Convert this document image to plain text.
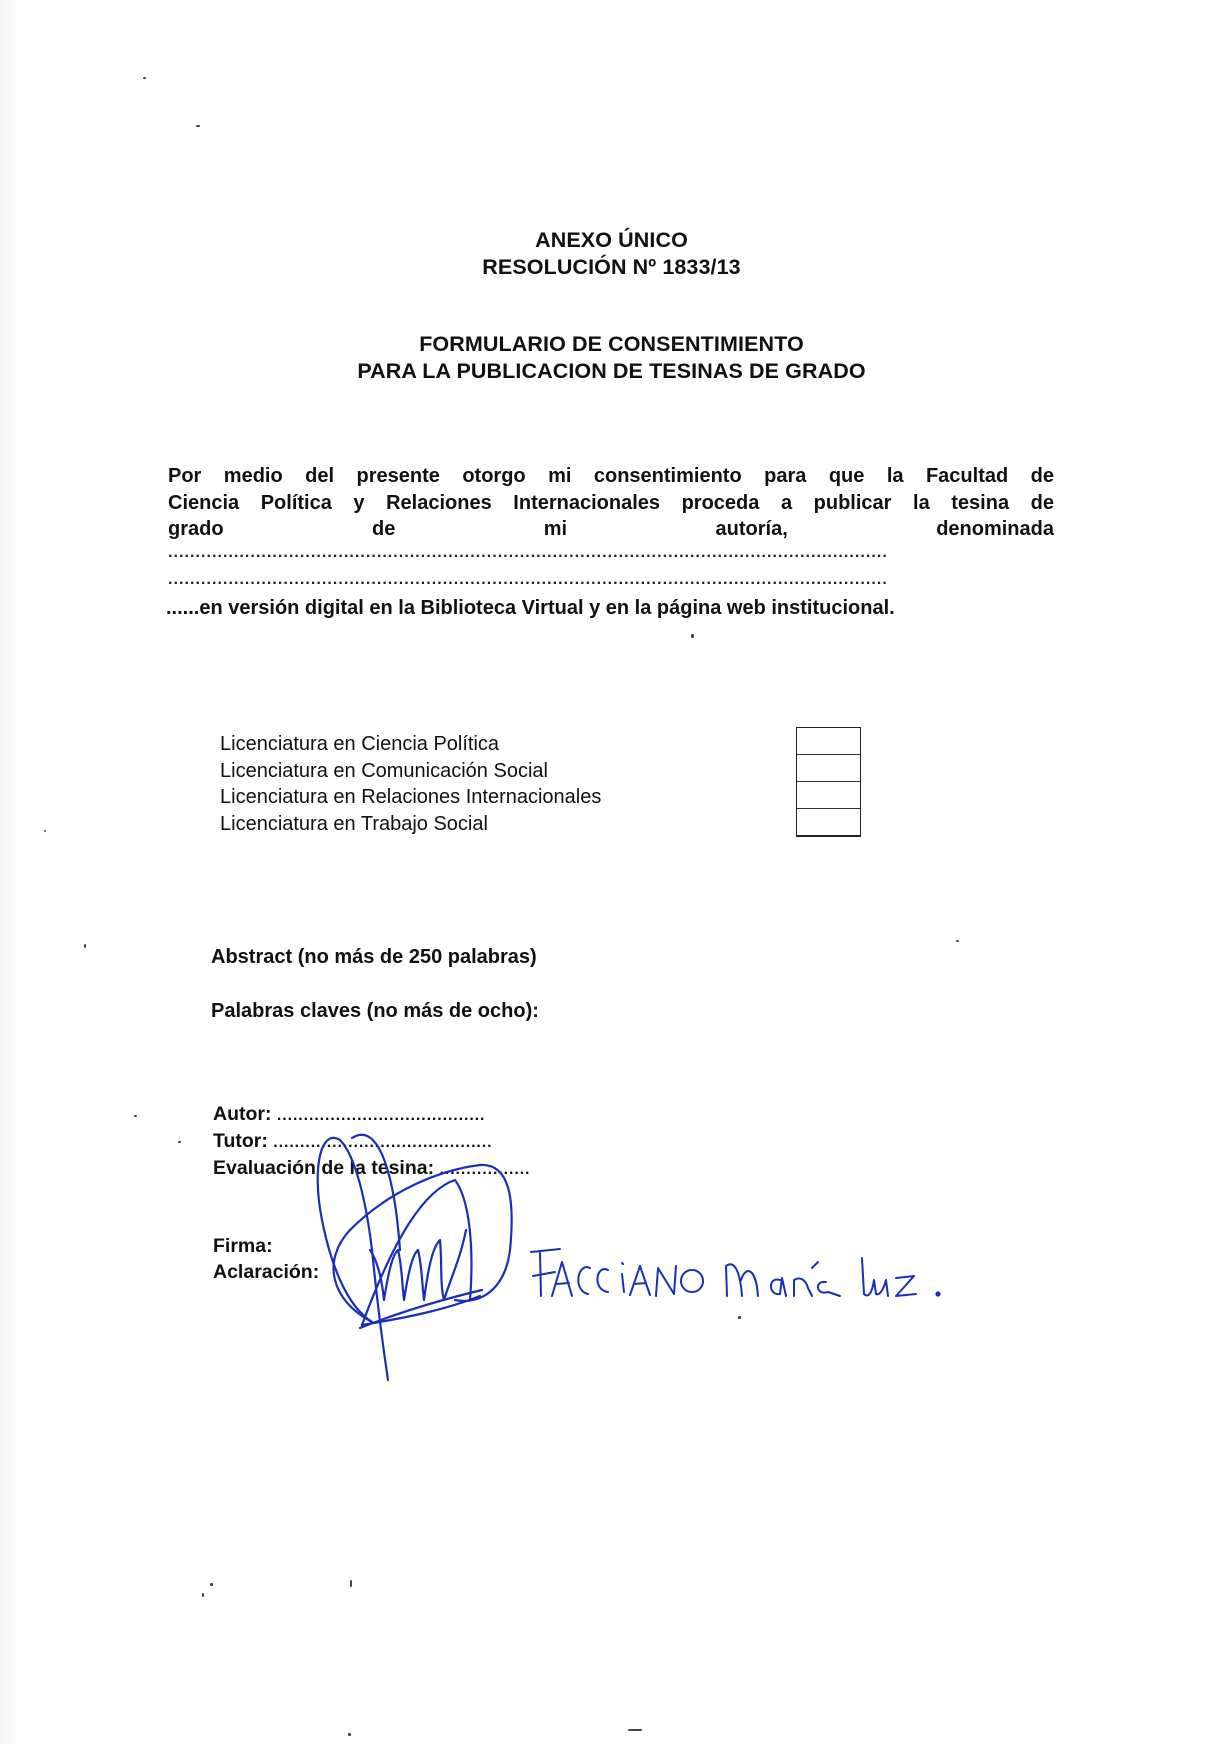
ANEXO ÚNICO
RESOLUCIÓN Nº 1833/13
FORMULARIO DE CONSENTIMIENTO
PARA LA PUBLICACION DE TESINAS DE GRADO
Por medio del presente otorgo mi consentimiento para que la Facultad de
Ciencia Política y Relaciones Internacionales proceda a publicar la tesina de
grado	de	mi	autoría,	denominada
...................................................................................................................................
...................................................................................................................................
......en versión digital en la Biblioteca Virtual y en la página web institucional.
Licenciatura en Ciencia Política
Licenciatura en Comunicación Social
Licenciatura en Relaciones Internacionales
Licenciatura en Trabajo Social
Abstract (no más de 250 palabras)
Palabras claves (no más de ocho):
Autor: .......................................
Tutor: .........................................
Evaluación de la tesina: .................
Firma:
Aclaración:
